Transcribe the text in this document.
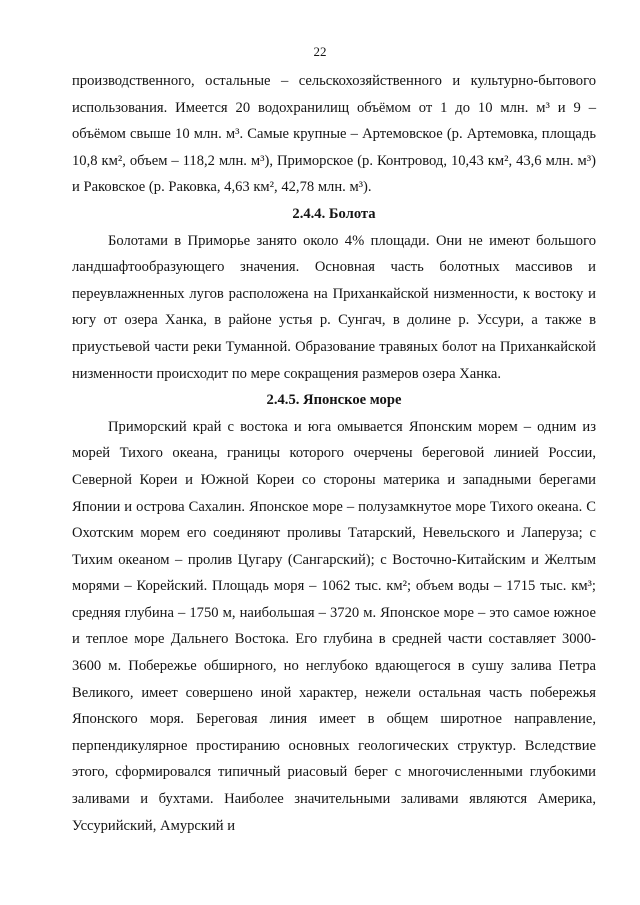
22

производственного, остальные – сельскохозяйственного и культурно-бытового использования. Имеется 20 водохранилищ объёмом от 1 до 10 млн. м³ и 9 – объёмом свыше 10 млн. м³. Самые крупные – Артемовское (р. Артемовка, площадь 10,8 км², объем – 118,2 млн. м³), Приморское (р. Контровод, 10,43 км², 43,6 млн. м³) и Раковское (р. Раковка, 4,63 км², 42,78 млн. м³).

2.4.4. Болота

Болотами в Приморье занято около 4% площади. Они не имеют большого ландшафтообразующего значения. Основная часть болотных массивов и переувлажненных лугов расположена на Приханкайской низменности, к востоку и югу от озера Ханка, в районе устья р. Сунгач, в долине р. Уссури, а также в приустьевой части реки Туманной. Образование травяных болот на Приханкайской низменности происходит по мере сокращения размеров озера Ханка.

2.4.5. Японское море

Приморский край с востока и юга омывается Японским морем – одним из морей Тихого океана, границы которого очерчены береговой линией России, Северной Кореи и Южной Кореи со стороны материка и западными берегами Японии и острова Сахалин. Японское море – полузамкнутое море Тихого океана. С Охотским морем его соединяют проливы Татарский, Невельского и Лаперуза; с Тихим океаном – пролив Цугару (Сангарский); с Восточно-Китайским и Желтым морями – Корейский. Площадь моря – 1062 тыс. км²; объем воды – 1715 тыс. км³; средняя глубина – 1750 м, наибольшая – 3720 м. Японское море – это самое южное и теплое море Дальнего Востока. Его глубина в средней части составляет 3000-3600 м. Побережье обширного, но неглубоко вдающегося в сушу залива Петра Великого, имеет совершено иной характер, нежели остальная часть побережья Японского моря. Береговая линия имеет в общем широтное направление, перпендикулярное простиранию основных геологических структур. Вследствие этого, сформировался типичный риасовый берег с многочисленными глубокими заливами и бухтами. Наиболее значительными заливами являются Америка, Уссурийский, Амурский и
